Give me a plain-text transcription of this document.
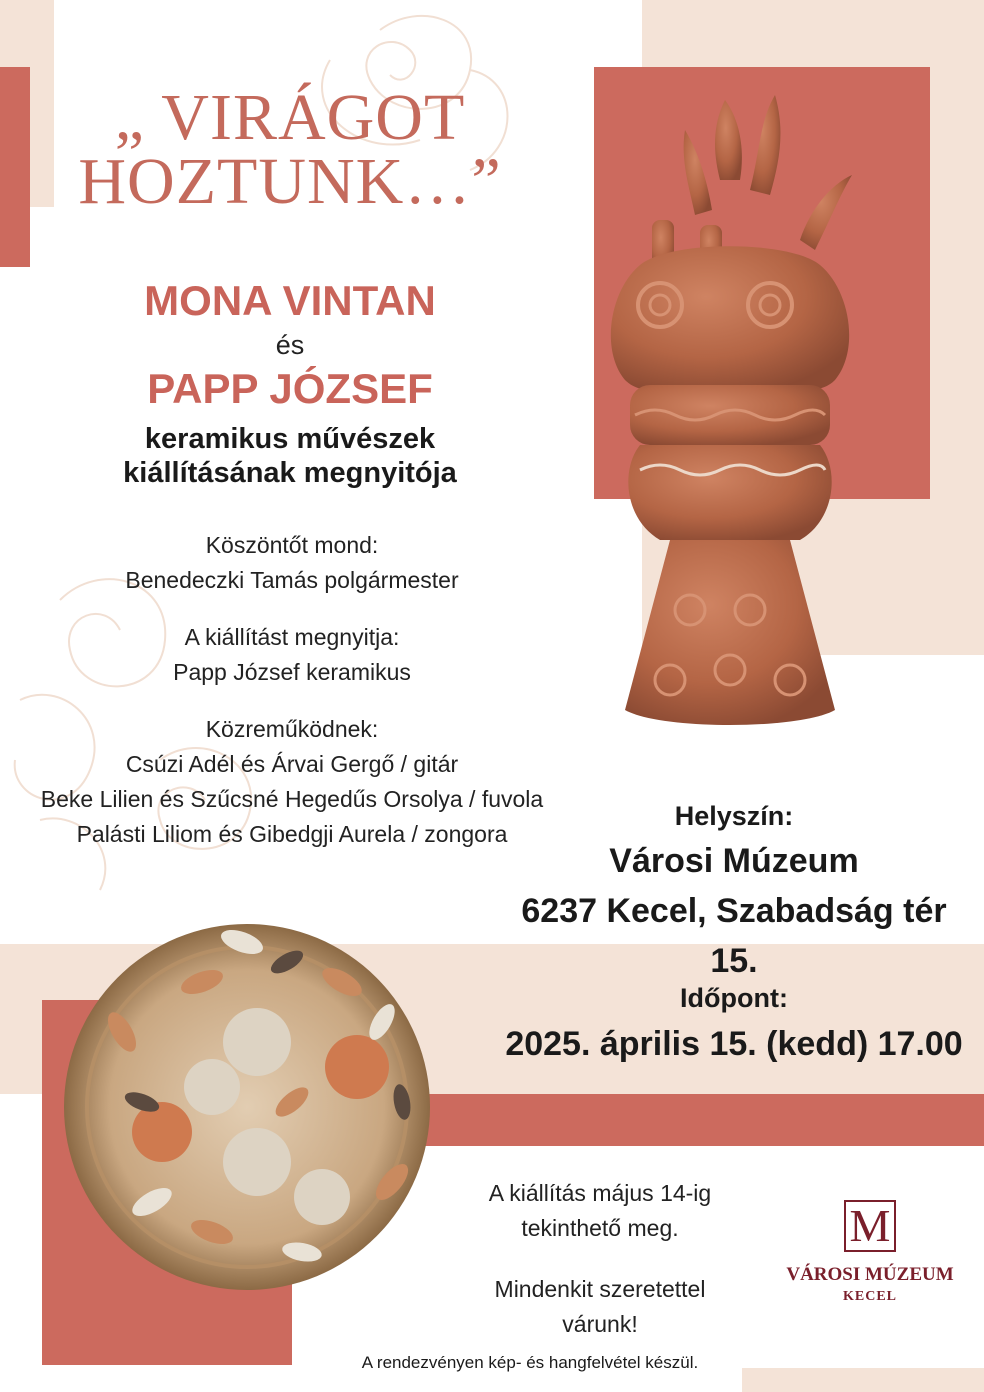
„ VIRÁGOT
HOZTUNK…”
MONA VINTAN
és
PAPP JÓZSEF
keramikus művészek
kiállításának megnyitója
Köszöntőt mond:
Benedeczki Tamás polgármester
A kiállítást megnyitja:
Papp József keramikus
Közreműködnek:
Csúzi Adél és Árvai Gergő / gitár
Beke Lilien és Szűcsné Hegedűs Orsolya / fuvola
Palásti Liliom és Gibedgji Aurela / zongora
Helyszín:
Városi Múzeum
6237 Kecel, Szabadság tér 15.
Időpont:
2025. április 15. (kedd) 17.00
A kiállítás május 14-ig
tekinthető meg.
Mindenkit szeretettel
várunk!
A rendezvényen kép- és hangfelvétel készül.
M
VÁROSI MÚZEUM
KECEL
